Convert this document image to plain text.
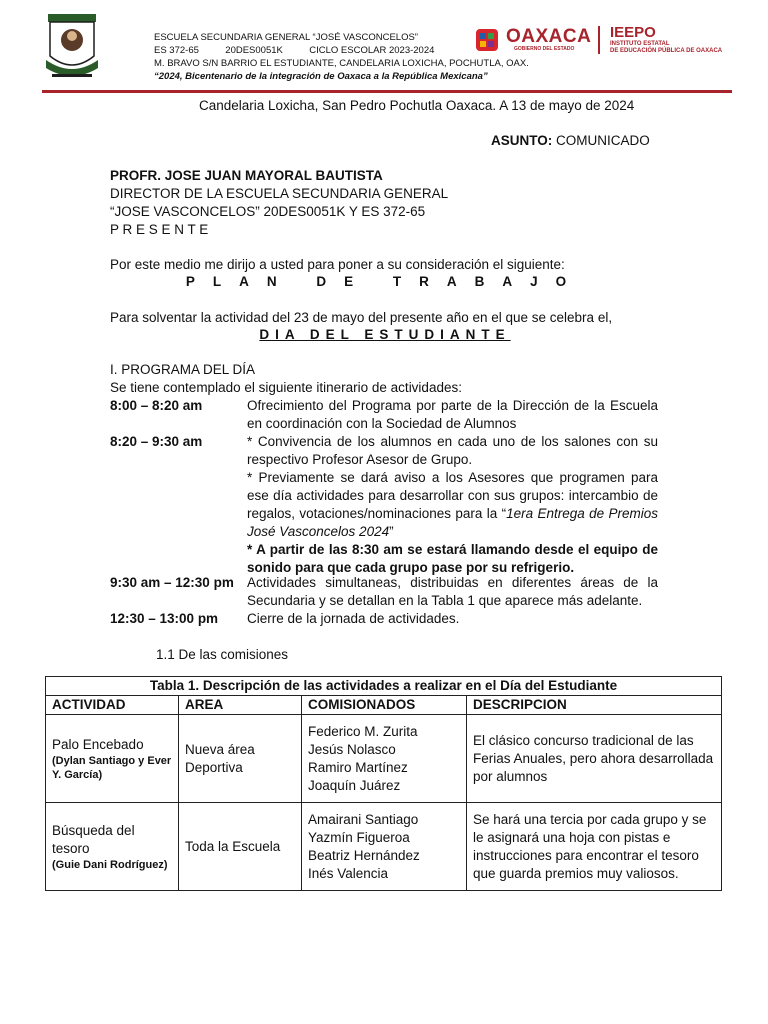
ESCUELA SECUNDARIA GENERAL “JOSÉ VASCONCELOS”
ES 372-65          20DES0051K          CICLO ESCOLAR 2023-2024
M. BRAVO S/N BARRIO EL ESTUDIANTE, CANDELARIA LOXICHA, POCHUTLA, OAX.
“2024, Bicentenario de la integración de Oaxaca a la República Mexicana”
OAXACA
GOBIERNO DEL ESTADO
IEEPO
INSTITUTO ESTATAL
DE EDUCACIÓN PÚBLICA DE OAXACA
Candelaria Loxicha, San Pedro Pochutla Oaxaca. A 13 de mayo de 2024
ASUNTO: COMUNICADO
PROFR. JOSE JUAN MAYORAL BAUTISTA
DIRECTOR DE LA ESCUELA SECUNDARIA GENERAL
“JOSE VASCONCELOS” 20DES0051K Y ES 372-65
P R E S E N T E
Por este medio me dirijo a usted para poner a su consideración el siguiente:
PLAN DE TRABAJO
Para solventar la actividad del 23 de mayo del presente año en el que se celebra el,
DIA DEL ESTUDIANTE
I. PROGRAMA DEL DÍA
Se tiene contemplado el siguiente itinerario de actividades:
8:00 – 8:20 am	Ofrecimiento del Programa por parte de la Dirección de la Escuela en coordinación con la Sociedad de Alumnos
8:20 – 9:30 am	* Convivencia de los alumnos en cada uno de los salones con su respectivo Profesor Asesor de Grupo.

* Previamente se dará aviso a los Asesores que programen para ese día actividades para desarrollar con sus grupos: intercambio de regalos, votaciones/nominaciones para la “1era Entrega de Premios José Vasconcelos 2024”

* A partir de las 8:30 am se estará llamando desde el equipo de sonido para que cada grupo pase por su refrigerio.

9:30 am – 12:30 pm Actividades simultaneas, distribuidas en diferentes áreas de la Secundaria y se detallan en la Tabla 1 que aparece más adelante.
12:30 – 13:00 pm Cierre de la jornada de actividades.
1.1 De las comisiones
Tabla 1. Descripción de las actividades a realizar en el Día del Estudiante			
ACTIVIDAD	AREA	COMISIONADOS	DESCRIPCION

Palo Encebado
(Dylan Santiago y Ever Y. García)	Nueva área Deportiva	Federico M. Zurita
Jesús Nolasco
Ramiro Martínez
Joaquín Juárez	El clásico concurso tradicional de las Ferias Anuales, pero ahora desarrollada por alumnos

Búsqueda del tesoro
(Guie Dani Rodríguez)	Toda la Escuela	Amairani Santiago
Yazmín Figueroa
Beatriz Hernández
Inés Valencia	Se hará una tercia por cada grupo y se le asignará una hoja con pistas e instrucciones para encontrar el tesoro que guarda premios muy valiosos.
